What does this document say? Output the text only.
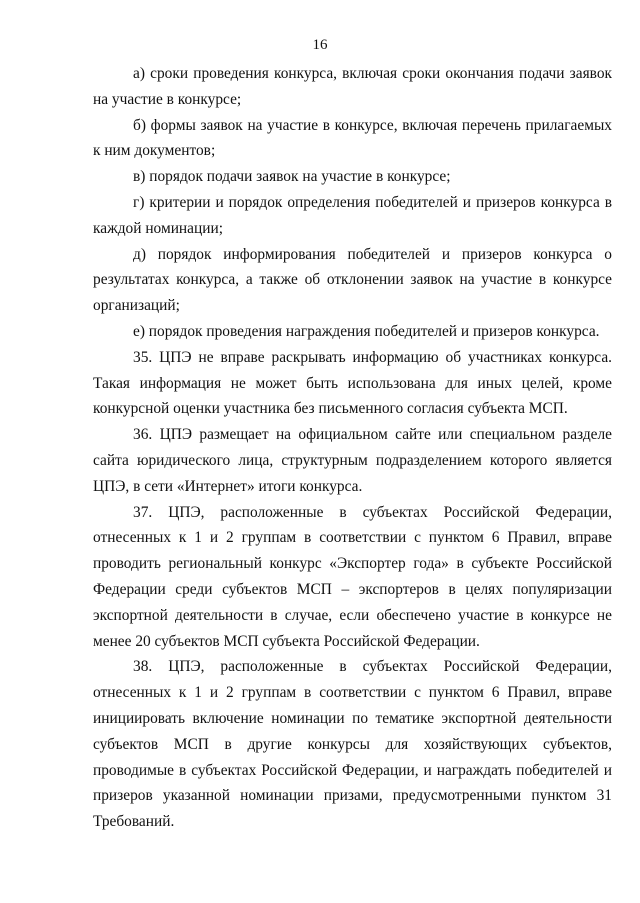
16

а) сроки проведения конкурса, включая сроки окончания подачи заявок на участие в конкурсе;

б) формы заявок на участие в конкурсе, включая перечень прилагаемых к ним документов;

в) порядок подачи заявок на участие в конкурсе;

г) критерии и порядок определения победителей и призеров конкурса в каждой номинации;

д) порядок информирования победителей и призеров конкурса о результатах конкурса, а также об отклонении заявок на участие в конкурсе организаций;

е) порядок проведения награждения победителей и призеров конкурса.

35. ЦПЭ не вправе раскрывать информацию об участниках конкурса. Такая информация не может быть использована для иных целей, кроме конкурсной оценки участника без письменного согласия субъекта МСП.

36. ЦПЭ размещает на официальном сайте или специальном разделе сайта юридического лица, структурным подразделением которого является ЦПЭ, в сети «Интернет» итоги конкурса.

37. ЦПЭ, расположенные в субъектах Российской Федерации, отнесенных к 1 и 2 группам в соответствии с пунктом 6 Правил, вправе проводить региональный конкурс «Экспортер года» в субъекте Российской Федерации среди субъектов МСП – экспортеров в целях популяризации экспортной деятельности в случае, если обеспечено участие в конкурсе не менее 20 субъектов МСП субъекта Российской Федерации.

38. ЦПЭ, расположенные в субъектах Российской Федерации, отнесенных к 1 и 2 группам в соответствии с пунктом 6 Правил, вправе инициировать включение номинации по тематике экспортной деятельности субъектов МСП в другие конкурсы для хозяйствующих субъектов, проводимые в субъектах Российской Федерации, и награждать победителей и призеров указанной номинации призами, предусмотренными пунктом 31 Требований.
